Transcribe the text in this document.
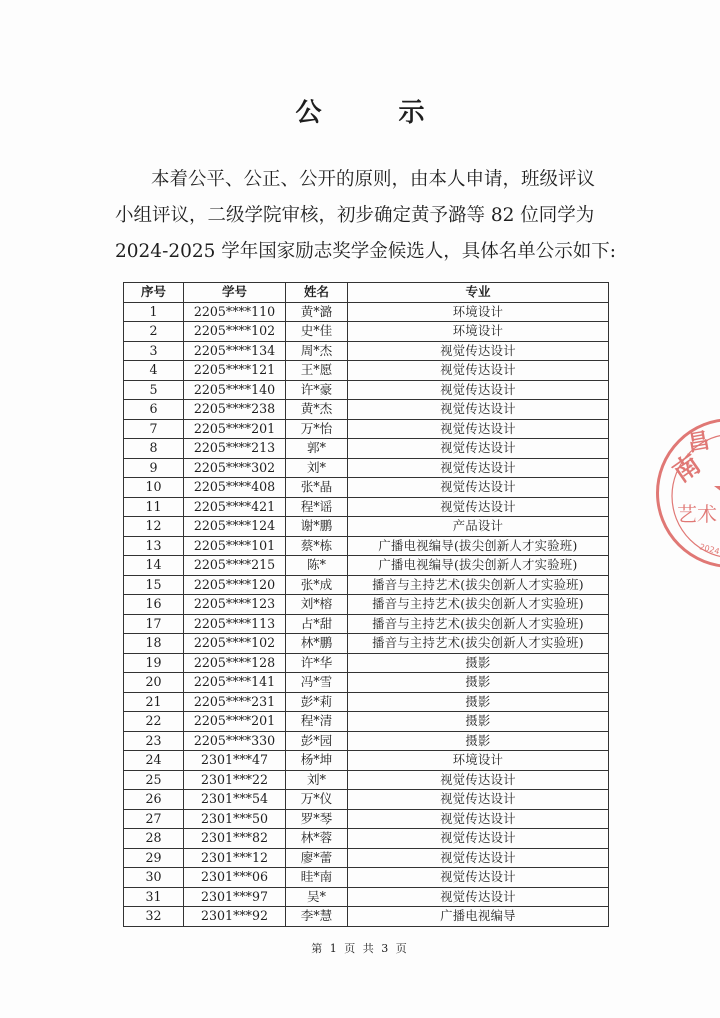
公 示
本着公平、公正、公开的原则，由本人申请，班级评议
小组评议，二级学院审核，初步确定黄予潞等 82 位同学为
2024-2025 学年国家励志奖学金候选人，具体名单公示如下:
序号	学号	姓名	专业
1	2205****110	黄*潞	环境设计
2	2205****102	史*佳	环境设计
3	2205****134	周*杰	视觉传达设计
4	2205****121	王*愿	视觉传达设计
5	2205****140	许*豪	视觉传达设计
6	2205****238	黄*杰	视觉传达设计
7	2205****201	万*怡	视觉传达设计
8	2205****213	郭*	视觉传达设计
9	2205****302	刘*	视觉传达设计
10	2205****408	张*晶	视觉传达设计
11	2205****421	程*谣	视觉传达设计
12	2205****124	谢*鹏	产品设计
13	2205****101	蔡*栋	广播电视编导(拔尖创新人才实验班)
14	2205****215	陈*	广播电视编导(拔尖创新人才实验班)
15	2205****120	张*成	播音与主持艺术(拔尖创新人才实验班)
16	2205****123	刘*榕	播音与主持艺术(拔尖创新人才实验班)
17	2205****113	占*甜	播音与主持艺术(拔尖创新人才实验班)
18	2205****102	林*鹏	播音与主持艺术(拔尖创新人才实验班)
19	2205****128	许*华	摄影
20	2205****141	冯*雪	摄影
21	2205****231	彭*莉	摄影
22	2205****201	程*清	摄影
23	2205****330	彭*园	摄影
24	2301***47	杨*坤	环境设计
25	2301***22	刘*	视觉传达设计
26	2301***54	万*仪	视觉传达设计
27	2301***50	罗*琴	视觉传达设计
28	2301***82	林*蓉	视觉传达设计
29	2301***12	廖*蕾	视觉传达设计
30	2301***06	眭*南	视觉传达设计
31	2301***97	吴*	视觉传达设计
32	2301***92	李*慧	广播电视编导
南
昌
艺术
2024
第 1 页 共 3 页
